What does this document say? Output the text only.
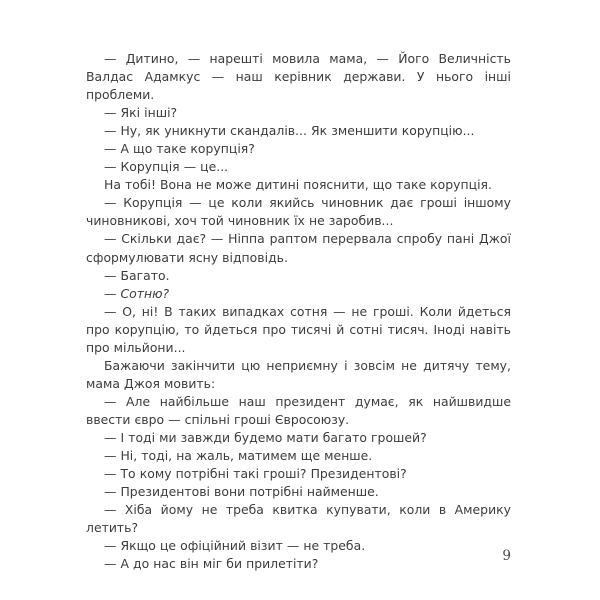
— Дитино, — нарешті мовила мама, — Його Величність Валдас Адамкус — наш керівник держави. У нього інші проблеми.

— Які інші?

— Ну, як уникнути скандалів... Як зменшити корупцію...

— А що таке корупція?

— Корупція — це...

На тобі! Вона не може дитині пояснити, що таке корупція.

— Корупція — це коли якийсь чиновник дає гроші іншому чиновникові, хоч той чиновник їх не заробив...

— Скільки дає? — Ніппа раптом перервала спробу пані Джої сформулювати ясну відповідь.

— Багато.

— Сотню?

— О, ні! В таких випадках сотня — не гроші. Коли йдеться про корупцію, то йдеться про тисячі й сотні тисяч. Іноді навіть про мільйони...

Бажаючи закінчити цю неприємну і зовсім не дитячу тему, мама Джоя мовить:

— Але найбільше наш президент думає, як найшвидше ввести євро — спільні гроші Євросоюзу.

— І тоді ми завжди будемо мати багато грошей?

— Ні, тоді, на жаль, матимем ще менше.

— То кому потрібні такі гроші? Президентові?

— Президентові вони потрібні найменше.

— Хіба йому не треба квитка купувати, коли в Америку летить?

— Якщо це офіційний візит — не треба.

— А до нас він міг би прилетіти?	9
